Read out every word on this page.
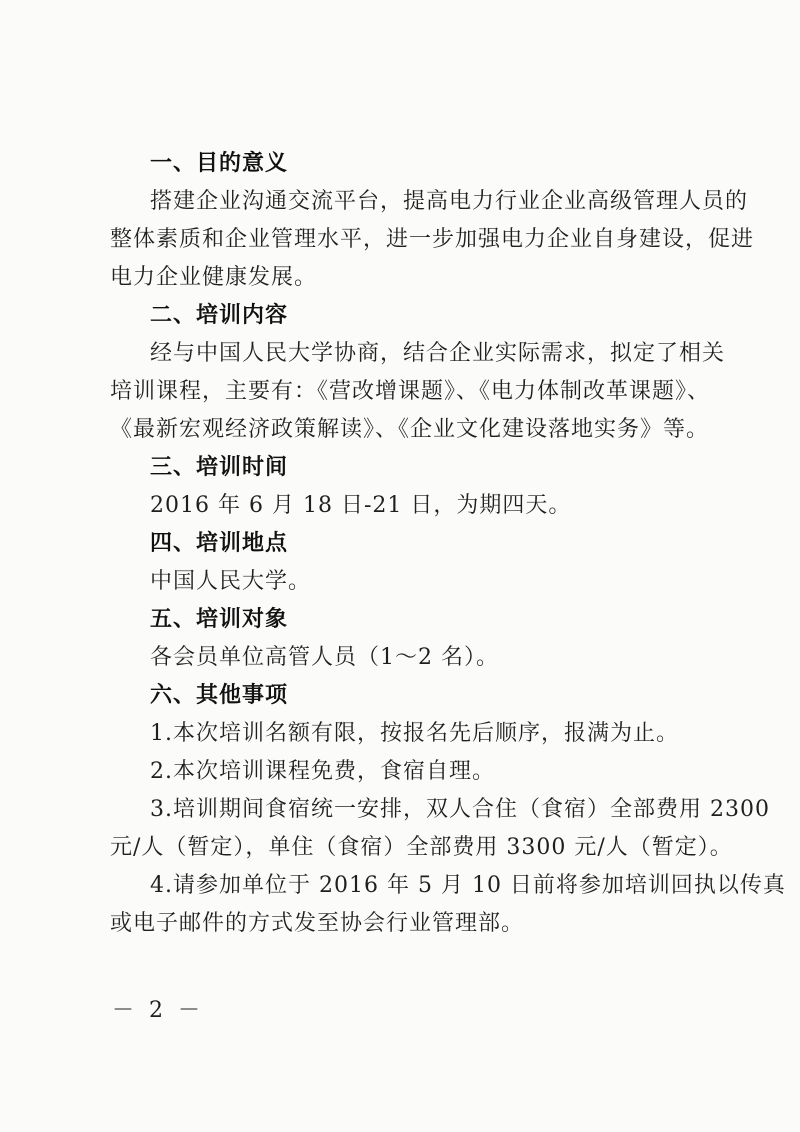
一、目的意义
搭建企业沟通交流平台，提高电力行业企业高级管理人员的
整体素质和企业管理水平，进一步加强电力企业自身建设，促进
电力企业健康发展。
二、培训内容
经与中国人民大学协商，结合企业实际需求，拟定了相关
培训课程，主要有：《营改增课题》、《电力体制改革课题》、
《最新宏观经济政策解读》、《企业文化建设落地实务》等。
三、培训时间
2016 年 6 月 18 日-21 日，为期四天。
四、培训地点
中国人民大学。
五、培训对象
各会员单位高管人员（1～2 名）。
六、其他事项
1.本次培训名额有限，按报名先后顺序，报满为止。
2.本次培训课程免费，食宿自理。
3.培训期间食宿统一安排，双人合住（食宿）全部费用 2300
元/人（暂定），单住（食宿）全部费用 3300 元/人（暂定）。
4.请参加单位于 2016 年 5 月 10 日前将参加培训回执以传真
或电子邮件的方式发至协会行业管理部。
－ 2 －
